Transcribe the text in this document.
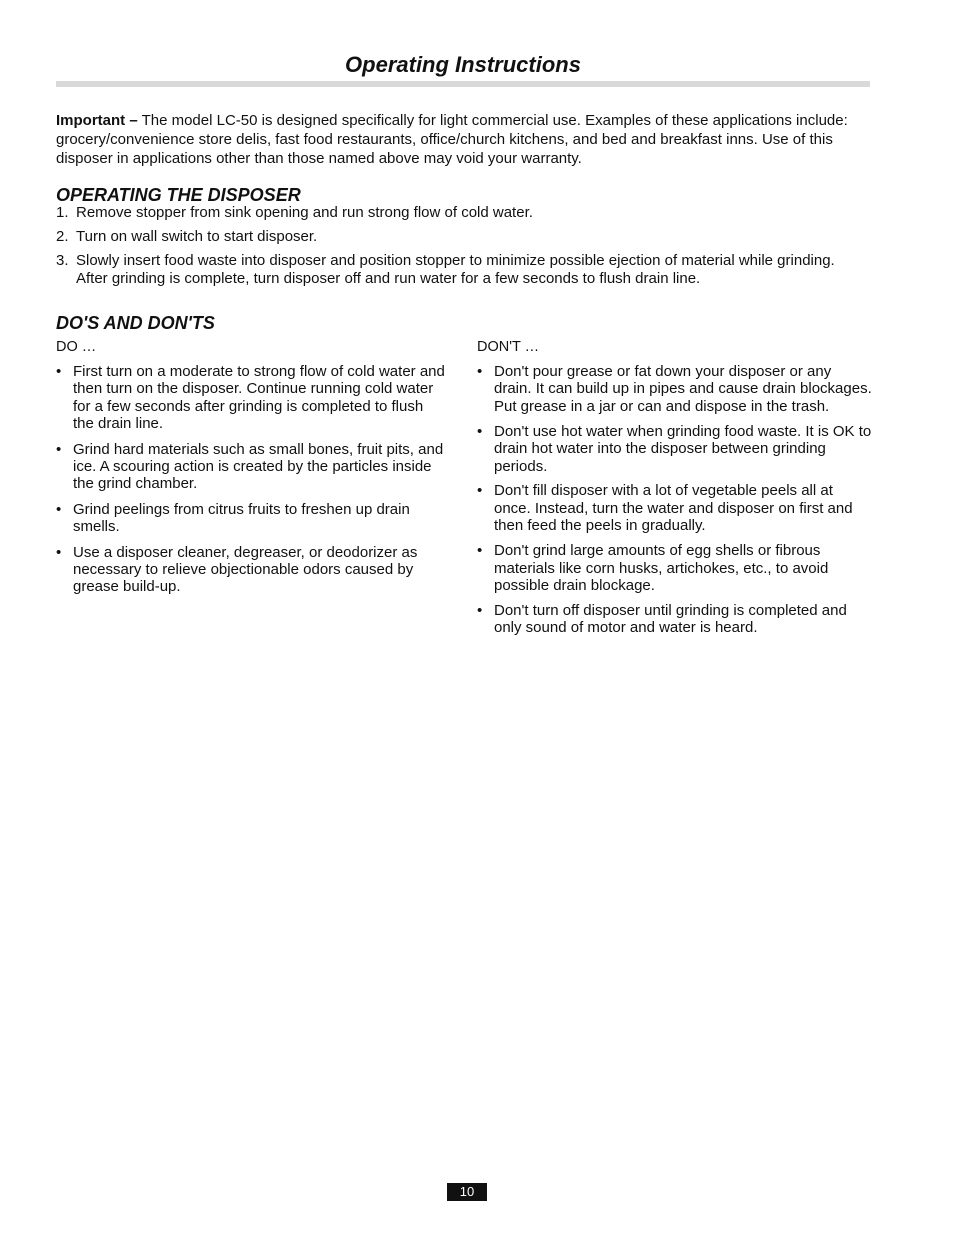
Operating Instructions

Important – The model LC-50 is designed specifically for light commercial use. Examples of these applications include: grocery/convenience store delis, fast food restaurants, office/church kitchens, and bed and breakfast inns. Use of this disposer in applications other than those named above may void your warranty.

OPERATING THE DISPOSER
1. Remove stopper from sink opening and run strong flow of cold water.
2. Turn on wall switch to start disposer.
3. Slowly insert food waste into disposer and position stopper to minimize possible ejection of material while grinding. After grinding is complete, turn disposer off and run water for a few seconds to flush drain line.
DO'S AND DON'TS

DO …

• First turn on a moderate to strong flow of cold water and then turn on the disposer. Continue running cold water for a few seconds after grinding is completed to flush the drain line.
• Grind hard materials such as small bones, fruit pits, and ice. A scouring action is created by the particles inside the grind chamber.
• Grind peelings from citrus fruits to freshen up drain smells.
• Use a disposer cleaner, degreaser, or deodorizer as necessary to relieve objectionable odors caused by grease build-up.

DON'T …

• Don't pour grease or fat down your disposer or any drain. It can build up in pipes and cause drain blockages. Put grease in a jar or can and dispose in the trash.
• Don't use hot water when grinding food waste. It is OK to drain hot water into the disposer between grinding periods.
• Don't fill disposer with a lot of vegetable peels all at once. Instead, turn the water and disposer on first and then feed the peels in gradually.
• Don't grind large amounts of egg shells or fibrous materials like corn husks, artichokes, etc., to avoid possible drain blockage.
• Don't turn off disposer until grinding is completed and only sound of motor and water is heard.
10
